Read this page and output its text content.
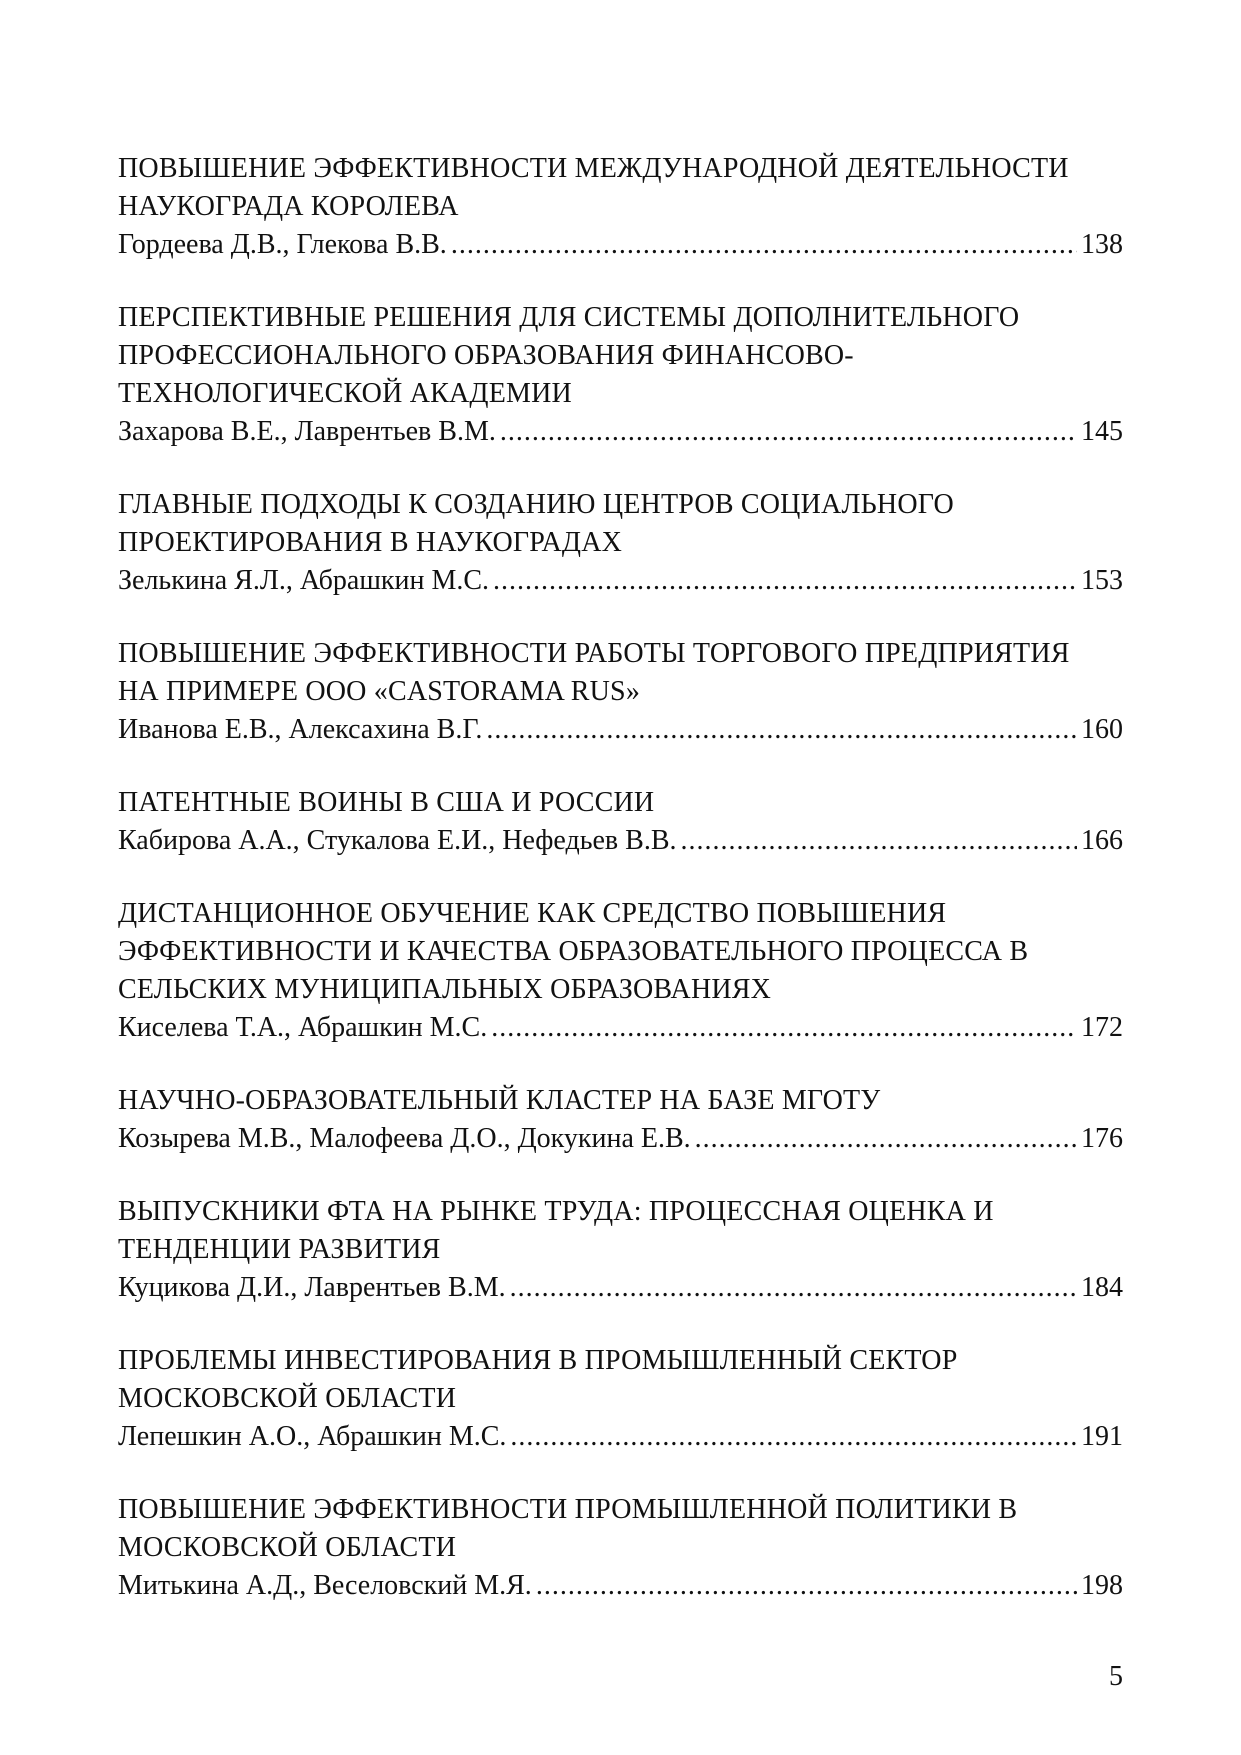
ПОВЫШЕНИЕ ЭФФЕКТИВНОСТИ МЕЖДУНАРОДНОЙ ДЕЯТЕЛЬНОСТИ
НАУКОГРАДА КОРОЛЕВА
Гордеева Д.В., Глекова В.В. .....	138
ПЕРСПЕКТИВНЫЕ РЕШЕНИЯ ДЛЯ СИСТЕМЫ ДОПОЛНИТЕЛЬНОГО
ПРОФЕССИОНАЛЬНОГО ОБРАЗОВАНИЯ ФИНАНСОВО-
ТЕХНОЛОГИЧЕСКОЙ АКАДЕМИИ
Захарова В.Е., Лаврентьев В.М. .....	145
ГЛАВНЫЕ ПОДХОДЫ К СОЗДАНИЮ ЦЕНТРОВ СОЦИАЛЬНОГО
ПРОЕКТИРОВАНИЯ В НАУКОГРАДАХ
Зелькина Я.Л., Абрашкин М.С. .....	153
ПОВЫШЕНИЕ ЭФФЕКТИВНОСТИ РАБОТЫ ТОРГОВОГО ПРЕДПРИЯТИЯ
НА ПРИМЕРЕ ООО «CASTORAMA RUS»
Иванова Е.В., Алексахина В.Г. .....	160
ПАТЕНТНЫЕ ВОИНЫ В США И РОССИИ
Кабирова А.А., Стукалова Е.И., Нефедьев В.В. .....	166
ДИСТАНЦИОННОЕ ОБУЧЕНИЕ КАК СРЕДСТВО ПОВЫШЕНИЯ
ЭФФЕКТИВНОСТИ И КАЧЕСТВА ОБРАЗОВАТЕЛЬНОГО ПРОЦЕССА В
СЕЛЬСКИХ МУНИЦИПАЛЬНЫХ ОБРАЗОВАНИЯХ
Киселева Т.А., Абрашкин М.С. .....	172
НАУЧНО-ОБРАЗОВАТЕЛЬНЫЙ КЛАСТЕР НА БАЗЕ МГОТУ
Козырева М.В., Малофеева Д.О., Докукина Е.В. .....	176
ВЫПУСКНИКИ ФТА НА РЫНКЕ ТРУДА: ПРОЦЕССНАЯ ОЦЕНКА И
ТЕНДЕНЦИИ РАЗВИТИЯ
Куцикова Д.И., Лаврентьев В.М. .....	184
ПРОБЛЕМЫ ИНВЕСТИРОВАНИЯ В ПРОМЫШЛЕННЫЙ СЕКТОР
МОСКОВСКОЙ ОБЛАСТИ
Лепешкин А.О., Абрашкин М.С. .....	191
ПОВЫШЕНИЕ ЭФФЕКТИВНОСТИ ПРОМЫШЛЕННОЙ ПОЛИТИКИ В
МОСКОВСКОЙ ОБЛАСТИ
Митькина А.Д., Веселовский М.Я. .....	198
5
